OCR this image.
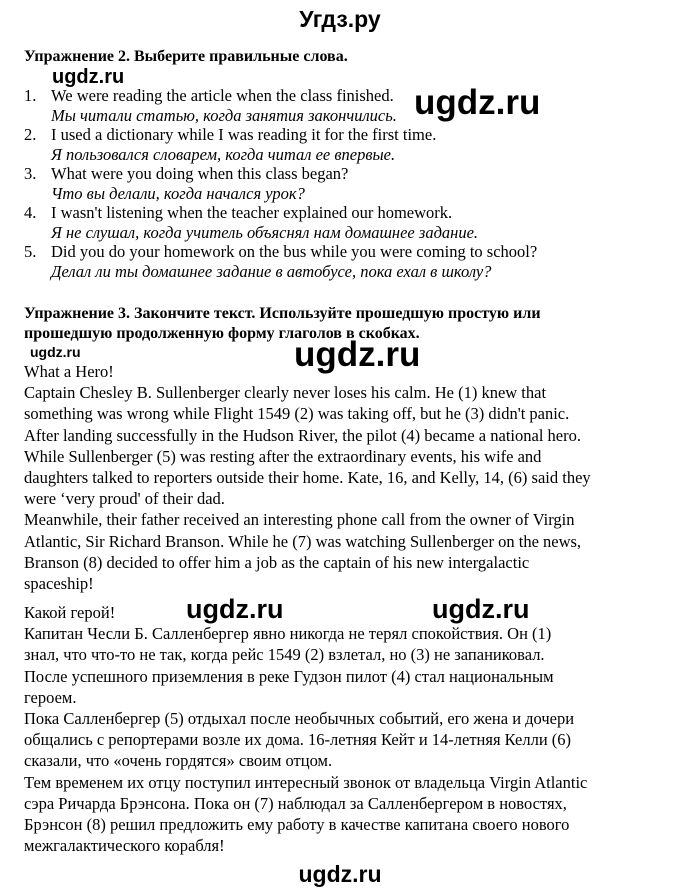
Угдз.ру
Упражнение 2. Выберите правильные слова.
ugdz.ru
1. We were reading the article when the class finished.
Мы читали статью, когда занятия закончились.
2. I used a dictionary while I was reading it for the first time.
Я пользовался словарем, когда читал ее впервые.
3. What were you doing when this class began?
Что вы делали, когда начался урок?
4. I wasn't listening when the teacher explained our homework.
Я не слушал, когда учитель объяснял нам домашнее задание.
5. Did you do your homework on the bus while you were coming to school?
Делал ли ты домашнее задание в автобусе, пока ехал в школу?
ugdz.ru
Упражнение 3. Закончите текст. Используйте прошедшую простую или
прошедшую продолженную форму глаголов в скобках.
ugdz.ru	ugdz.ru
What a Hero!
Captain Chesley B. Sullenberger clearly never loses his calm. He (1) knew that
something was wrong while Flight 1549 (2) was taking off, but he (3) didn't panic.
After landing successfully in the Hudson River, the pilot (4) became a national hero.
While Sullenberger (5) was resting after the extraordinary events, his wife and
daughters talked to reporters outside their home. Kate, 16, and Kelly, 14, (6) said they
were ‘very proud' of their dad.
Meanwhile, their father received an interesting phone call from the owner of Virgin
Atlantic, Sir Richard Branson. While he (7) was watching Sullenberger on the news,
Branson (8) decided to offer him a job as the captain of his new intergalactic
spaceship!
ugdz.ru	ugdz.ru
Какой герой!
Капитан Чесли Б. Салленбергер явно никогда не терял спокойствия. Он (1)
знал, что что-то не так, когда рейс 1549 (2) взлетал, но (3) не запаниковал.
После успешного приземления в реке Гудзон пилот (4) стал национальным
героем.
Пока Салленбергер (5) отдыхал после необычных событий, его жена и дочери
общались с репортерами возле их дома. 16-летняя Кейт и 14-летняя Келли (6)
сказали, что «очень гордятся» своим отцом.
Тем временем их отцу поступил интересный звонок от владельца Virgin Atlantic
сэра Ричарда Брэнсона. Пока он (7) наблюдал за Салленбергером в новостях,
Брэнсон (8) решил предложить ему работу в качестве капитана своего нового
межгалактического корабля!
ugdz.ru
